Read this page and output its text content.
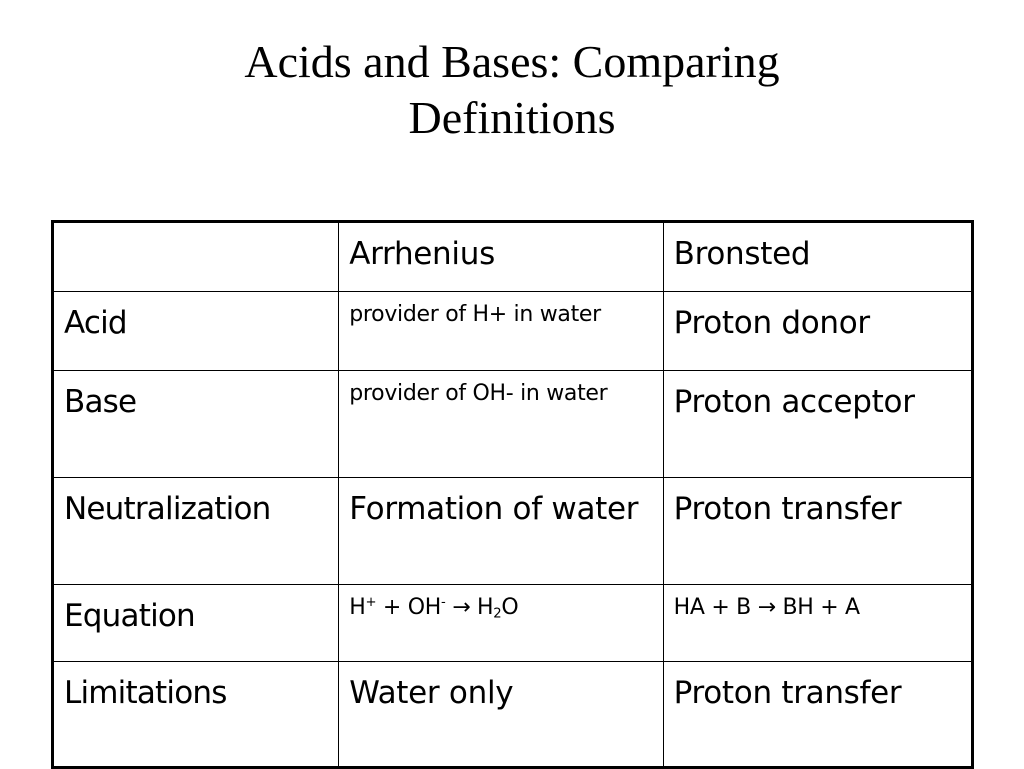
Acids and Bases: Comparing
Definitions
	Arrhenius	Bronsted
Acid	provider of H+ in water	Proton donor
Base	provider of OH- in water	Proton acceptor
Neutralization	Formation of water	Proton transfer
Equation	$H^+ + OH^- \to H_2O$	HA + B → BH + A
Limitations	Water only	Proton transfer
